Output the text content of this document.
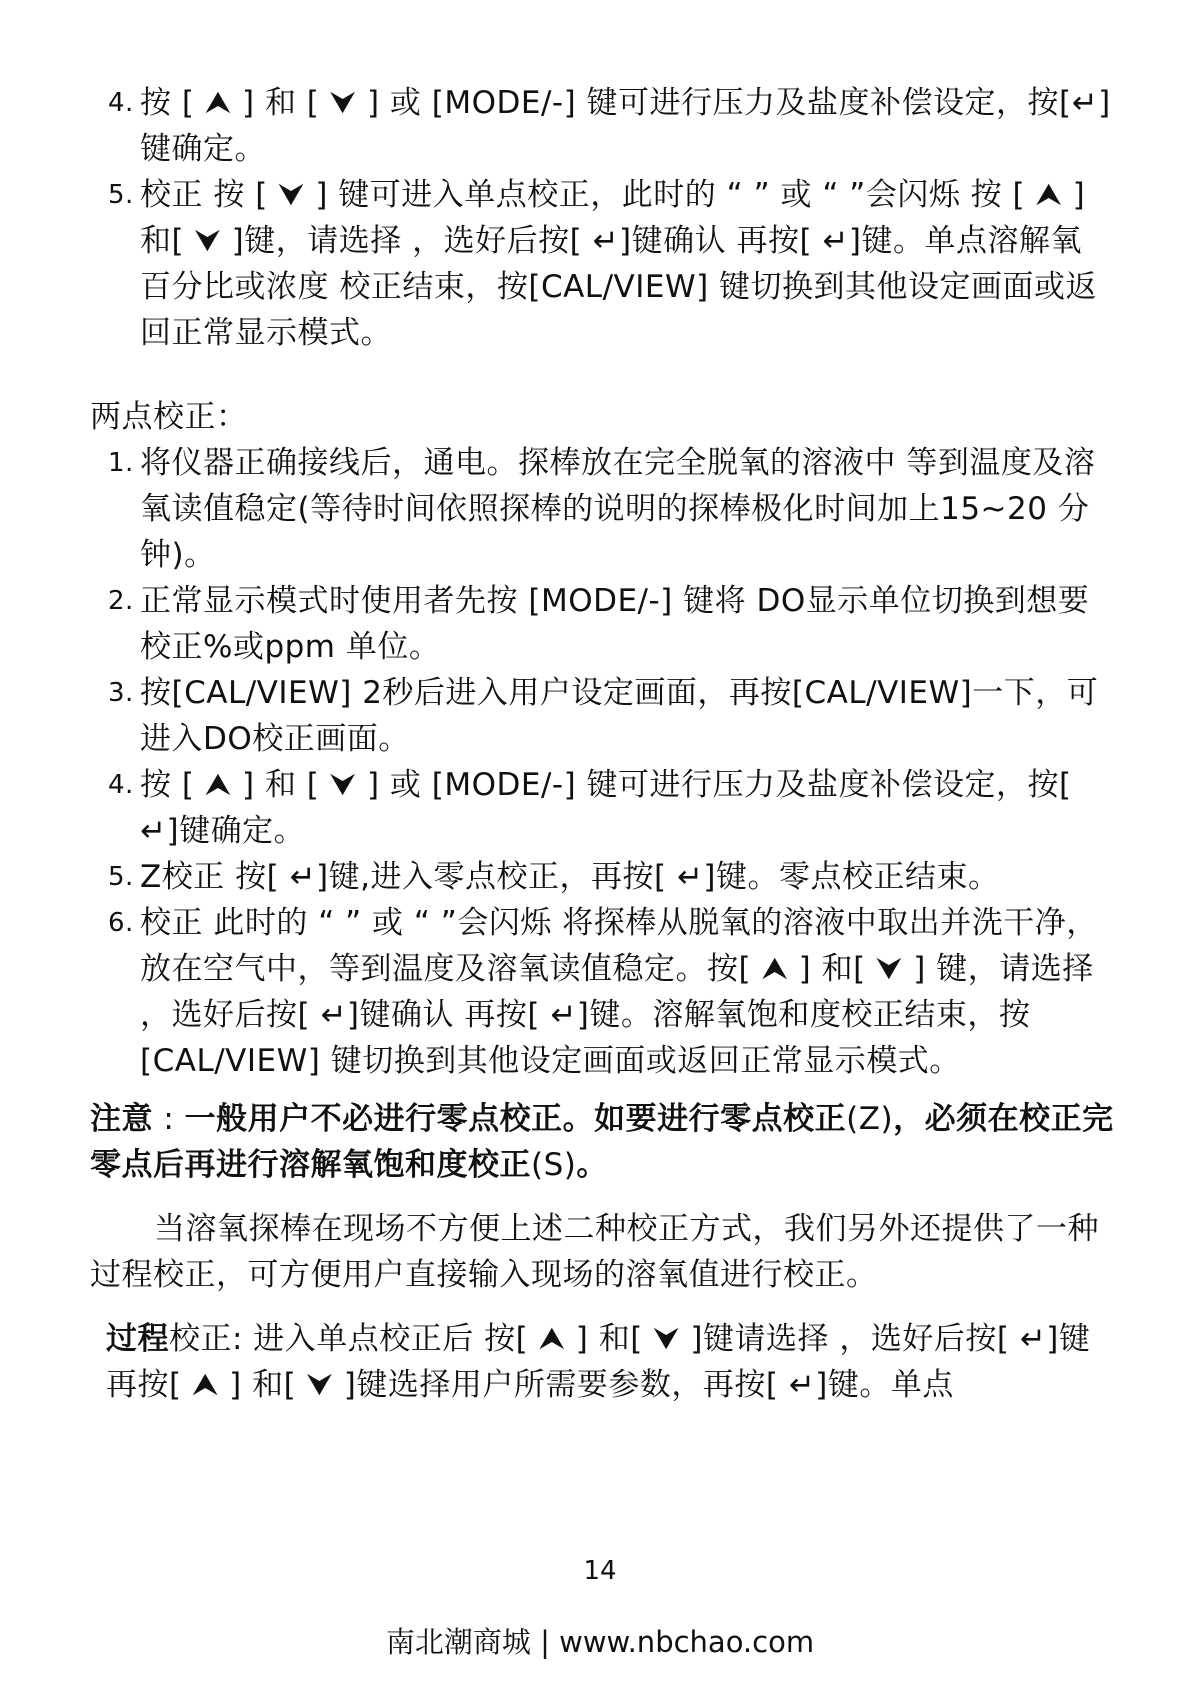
4. 按 [ ⮝ ] 和 [ ⮟ ] 或 [MODE/-] 键可进行压力及盐度补偿设定，按[↵]键确定。

5. 校正 按 [ ⮟ ] 键可进入单点校正，此时的 “ ” 或 “ ”会闪烁 按 [ ⮝ ] 和[ ⮟ ]键，请选择 ，选好后按[ ↵]键确认 再按[ ↵]键。单点溶解氧 百分比或浓度 校正结束，按[CAL/VIEW] 键切换到其他设定画面或返回正常显示模式。

两点校正：

1. 将仪器正确接线后，通电。探棒放在完全脱氧的溶液中 等到温度及溶氧读值稳定(等待时间依照探棒的说明的探棒极化时间加上15~20 分钟)。

2. 正常显示模式时使用者先按 [MODE/-] 键将 DO显示单位切换到想要校正%或ppm 单位。

3. 按[CAL/VIEW] 2秒后进入用户设定画面，再按[CAL/VIEW]一下，可进入DO校正画面。

4. 按 [ ⮝ ] 和 [ ⮟ ] 或 [MODE/-] 键可进行压力及盐度补偿设定，按[ ↵]键确定。

5. Z校正 按[ ↵]键,进入零点校正，再按[ ↵]键。零点校正结束。

6. 校正 此时的 “ ” 或 “ ”会闪烁 将探棒从脱氧的溶液中取出并洗干净，放在空气中，等到温度及溶氧读值稳定。按[ ⮝ ] 和[ ⮟ ] 键，请选择 ，选好后按[ ↵]键确认 再按[ ↵]键。溶解氧饱和度校正结束，按[CAL/VIEW] 键切换到其他设定画面或返回正常显示模式。

注意 : 一般用户不必进行零点校正。如要进行零点校正(Z)，必须在校正完零点后再进行溶解氧饱和度校正(S)。

当溶氧探棒在现场不方便上述二种校正方式，我们另外还提供了一种过程校正，可方便用户直接输入现场的溶氧值进行校正。

过程校正: 进入单点校正后 按[ ⮝ ] 和[ ⮟ ]键请选择 ，选好后按[ ↵]键 再按[ ⮝ ] 和[ ⮟ ]键选择用户所需要参数，再按[ ↵]键。单点

14
南北潮商城 | www.nbchao.com
